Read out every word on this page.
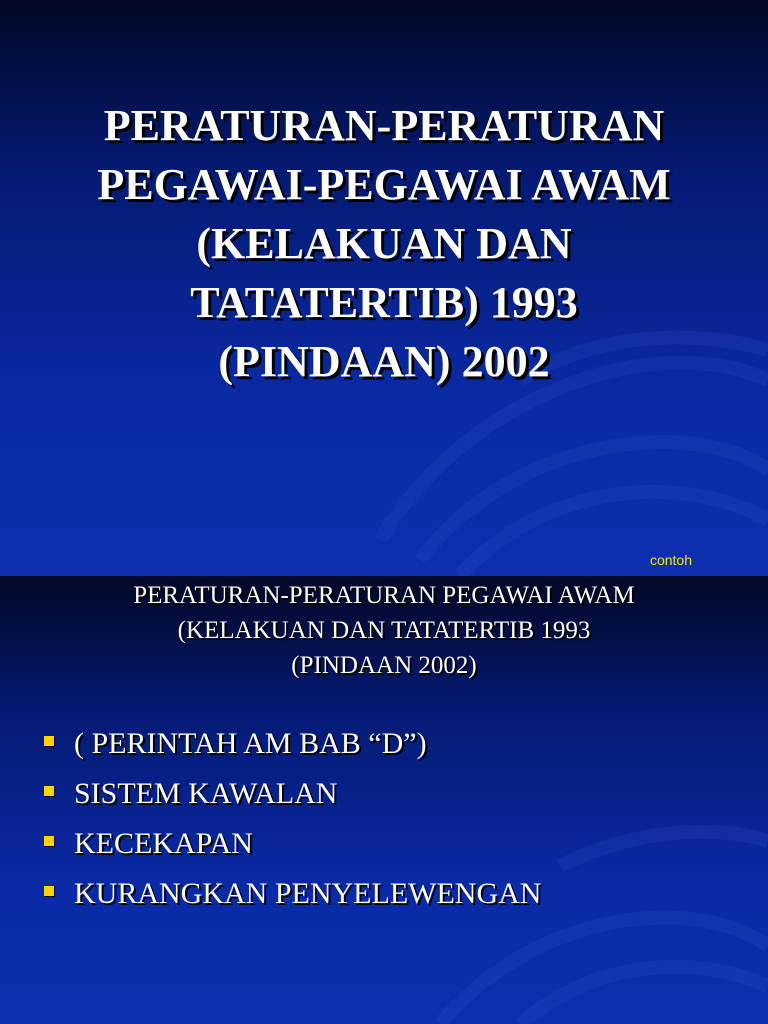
PERATURAN-PERATURAN
PEGAWAI-PEGAWAI AWAM
(KELAKUAN DAN
TATATERTIB) 1993
(PINDAAN) 2002
contoh
PERATURAN-PERATURAN PEGAWAI AWAM
(KELAKUAN DAN TATATERTIB 1993
(PINDAAN 2002)
( PERINTAH AM BAB “D”)
SISTEM KAWALAN
KECEKAPAN
KURANGKAN PENYELEWENGAN
